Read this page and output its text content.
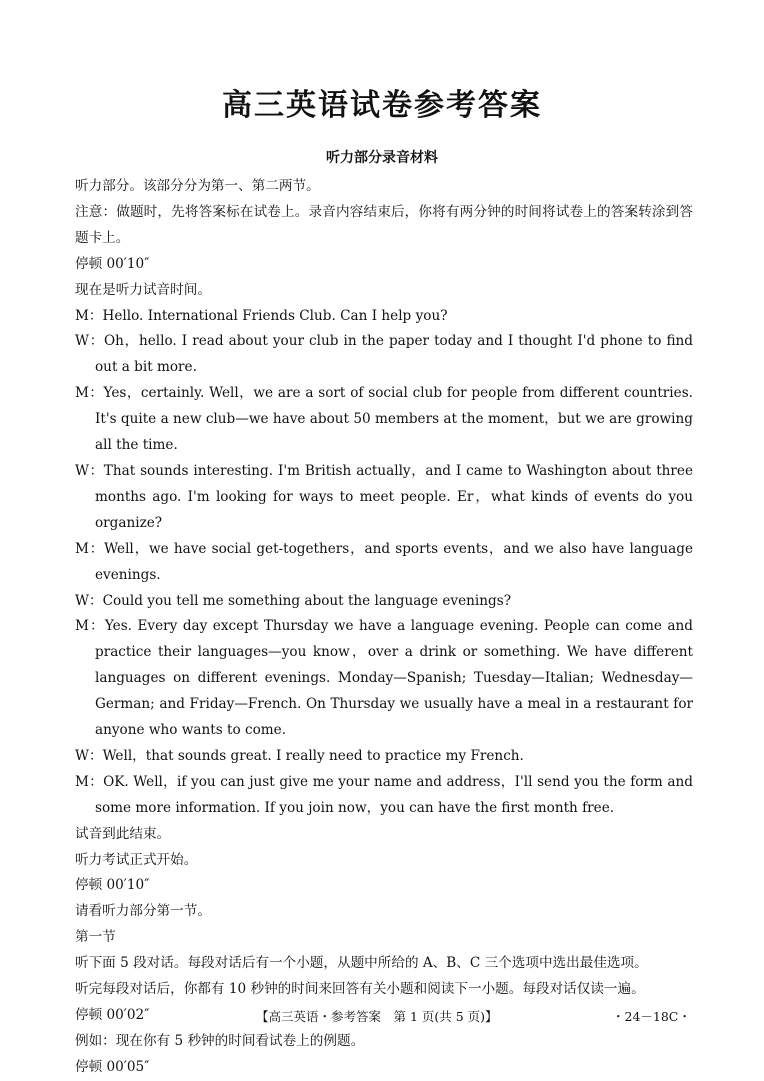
高三英语试卷参考答案
听力部分录音材料

听力部分。该部分分为第一、第二两节。

注意：做题时，先将答案标在试卷上。录音内容结束后，你将有两分钟的时间将试卷上的答案转涂到答题卡上。

停顿 00′10″

现在是听力试音时间。

M：Hello. International Friends Club. Can I help you?

W：Oh，hello. I read about your club in the paper today and I thought I'd phone to find out a bit more.

M：Yes，certainly. Well，we are a sort of social club for people from different countries. It's quite a new club—we have about 50 members at the moment，but we are growing all the time.

W：That sounds interesting. I'm British actually，and I came to Washington about three months ago. I'm looking for ways to meet people. Er，what kinds of events do you organize?

M：Well，we have social get-togethers，and sports events，and we also have language evenings.

W：Could you tell me something about the language evenings?

M：Yes. Every day except Thursday we have a language evening. People can come and practice their languages—you know，over a drink or something. We have different languages on different evenings. Monday—Spanish; Tuesday—Italian; Wednesday—German; and Friday—French. On Thursday we usually have a meal in a restaurant for anyone who wants to come.

W：Well，that sounds great. I really need to practice my French.

M：OK. Well，if you can just give me your name and address，I'll send you the form and some more information. If you join now，you can have the first month free.

试音到此结束。

听力考试正式开始。

停顿 00′10″

请看听力部分第一节。

第一节

听下面 5 段对话。每段对话后有一个小题，从题中所给的 A、B、C 三个选项中选出最佳选项。

听完每段对话后，你都有 10 秒钟的时间来回答有关小题和阅读下一小题。每段对话仅读一遍。

停顿 00′02″

例如：现在你有 5 秒钟的时间看试卷上的例题。

停顿 00′05″

【高三英语・参考答案　第 1 页(共 5 页)】	・24－18C・
